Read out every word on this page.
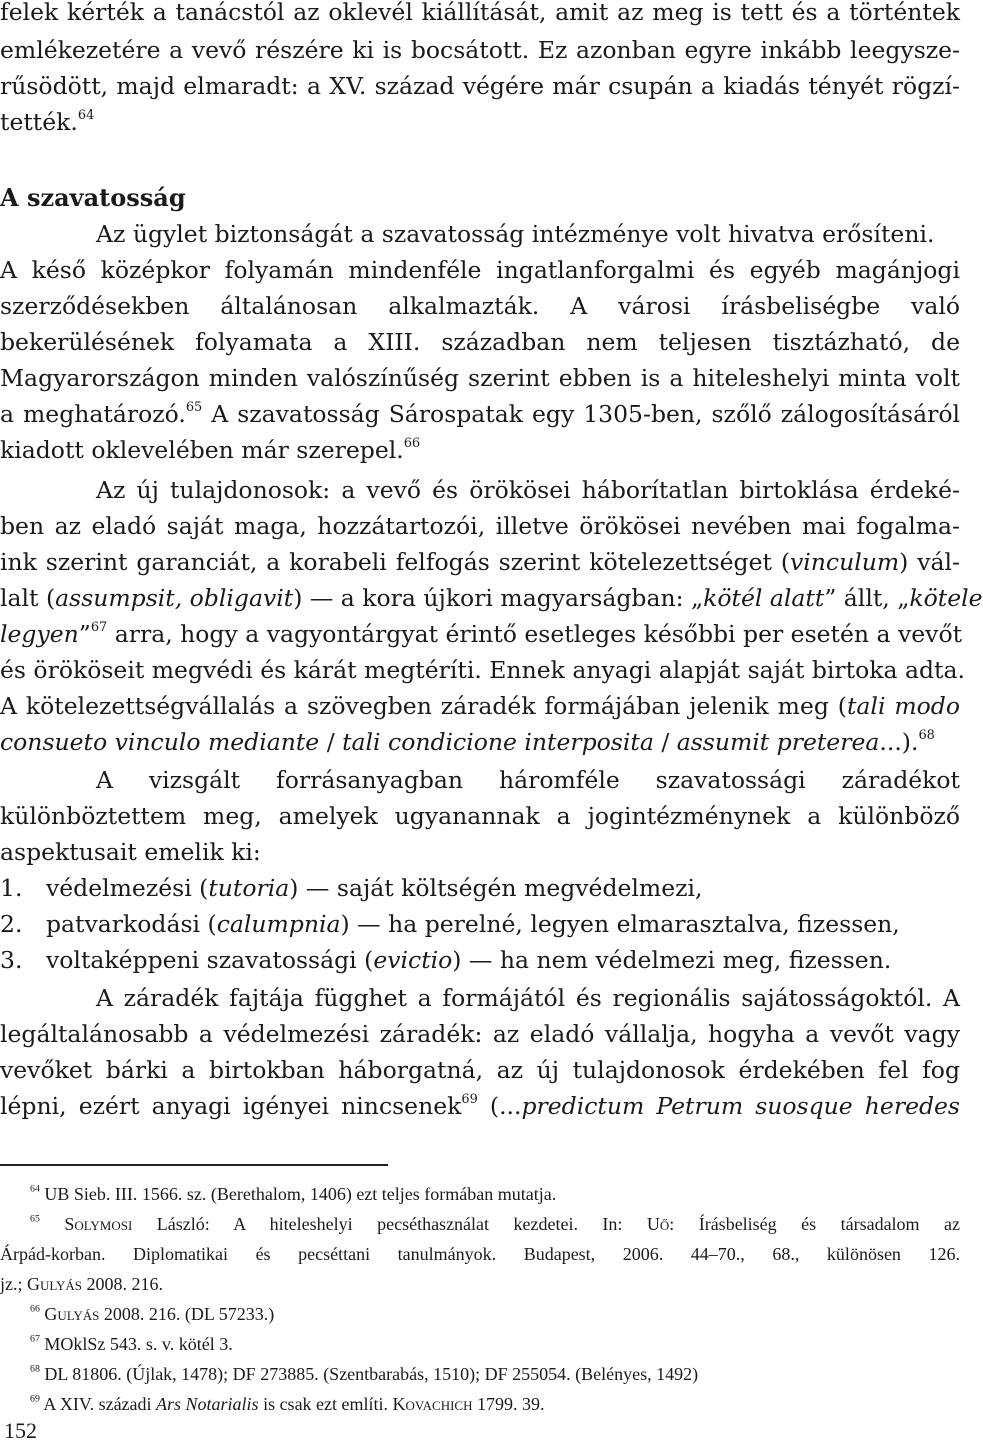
felek kérték a tanácstól az oklevél kiállítását, amit az meg is tett és a történtek
emlékezetére a vevő részére ki is bocsátott. Ez azonban egyre inkább leegysze-
rűsödött, majd elmaradt: a XV. század végére már csupán a kiadás tényét rögzí-
tették.$^{64}$
A szavatosság
Az ügylet biztonságát a szavatosság intézménye volt hivatva erősíteni.
A késő középkor folyamán mindenféle ingatlanforgalmi és egyéb magánjogi
szerződésekben általánosan alkalmazták. A városi írásbeliségbe való
bekerülésének folyamata a XIII. században nem teljesen tisztázható, de
Magyarországon minden valószínűség szerint ebben is a hiteleshelyi minta volt
a meghatározó.$^{65}$ A szavatosság Sárospatak egy 1305-ben, szőlő zálogosításáról
kiadott oklevelében már szerepel.$^{66}$
Az új tulajdonosok: a vevő és örökösei háborítatlan birtoklása érdeké-
ben az eladó saját maga, hozzátartozói, illetve örökösei nevében mai fogalma-
ink szerint garanciát, a korabeli felfogás szerint kötelezettséget (vinculum) vál-
lalt (assumpsit, obligavit) — a kora újkori magyarságban: „kötél alatt” állt, „kötele
legyen”$^{67}$ arra, hogy a vagyontárgyat érintő esetleges későbbi per esetén a vevőt
és örököseit megvédi és kárát megtéríti. Ennek anyagi alapját saját birtoka adta.
A kötelezettségvállalás a szövegben záradék formájában jelenik meg (tali modo
consueto vinculo mediante / tali condicione interposita / assumit preterea...).$^{68}$
A vizsgált forrásanyagban háromféle szavatossági záradékot
különböztettem meg, amelyek ugyanannak a jogintézménynek a különböző
aspektusait emelik ki:
1. védelmezési (tutoria) — saját költségén megvédelmezi,
2. patvarkodási (calumpnia) — ha perelné, legyen elmarasztalva, fizessen,
3. voltaképpeni szavatossági (evictio) — ha nem védelmezi meg, fizessen.
A záradék fajtája függhet a formájától és regionális sajátosságoktól. A
legáltalánosabb a védelmezési záradék: az eladó vállalja, hogyha a vevőt vagy
vevőket bárki a birtokban háborgatná, az új tulajdonosok érdekében fel fog
lépni, ezért anyagi igényei nincsenek$^{69}$ (...predictum Petrum suosque heredes
$^{64}$ UB Sieb. III. 1566. sz. (Berethalom, 1406) ezt teljes formában mutatja.
$^{65}$ Solymosi László: A hiteleshelyi pecséthasználat kezdetei. In: Uő: Írásbeliség és társadalom az
Árpád-korban. Diplomatikai és pecséttani tanulmányok. Budapest, 2006. 44–70., 68., különösen 126.
jz.; Gulyás 2008. 216.
$^{66}$ Gulyás 2008. 216. (DL 57233.)
$^{67}$ MOklSz 543. s. v. kötél 3.
$^{68}$ DL 81806. (Újlak, 1478); DF 273885. (Szentbarabás, 1510); DF 255054. (Belényes, 1492)
$^{69}$ A XIV. századi Ars Notarialis is csak ezt említi. Kovachich 1799. 39.
152
